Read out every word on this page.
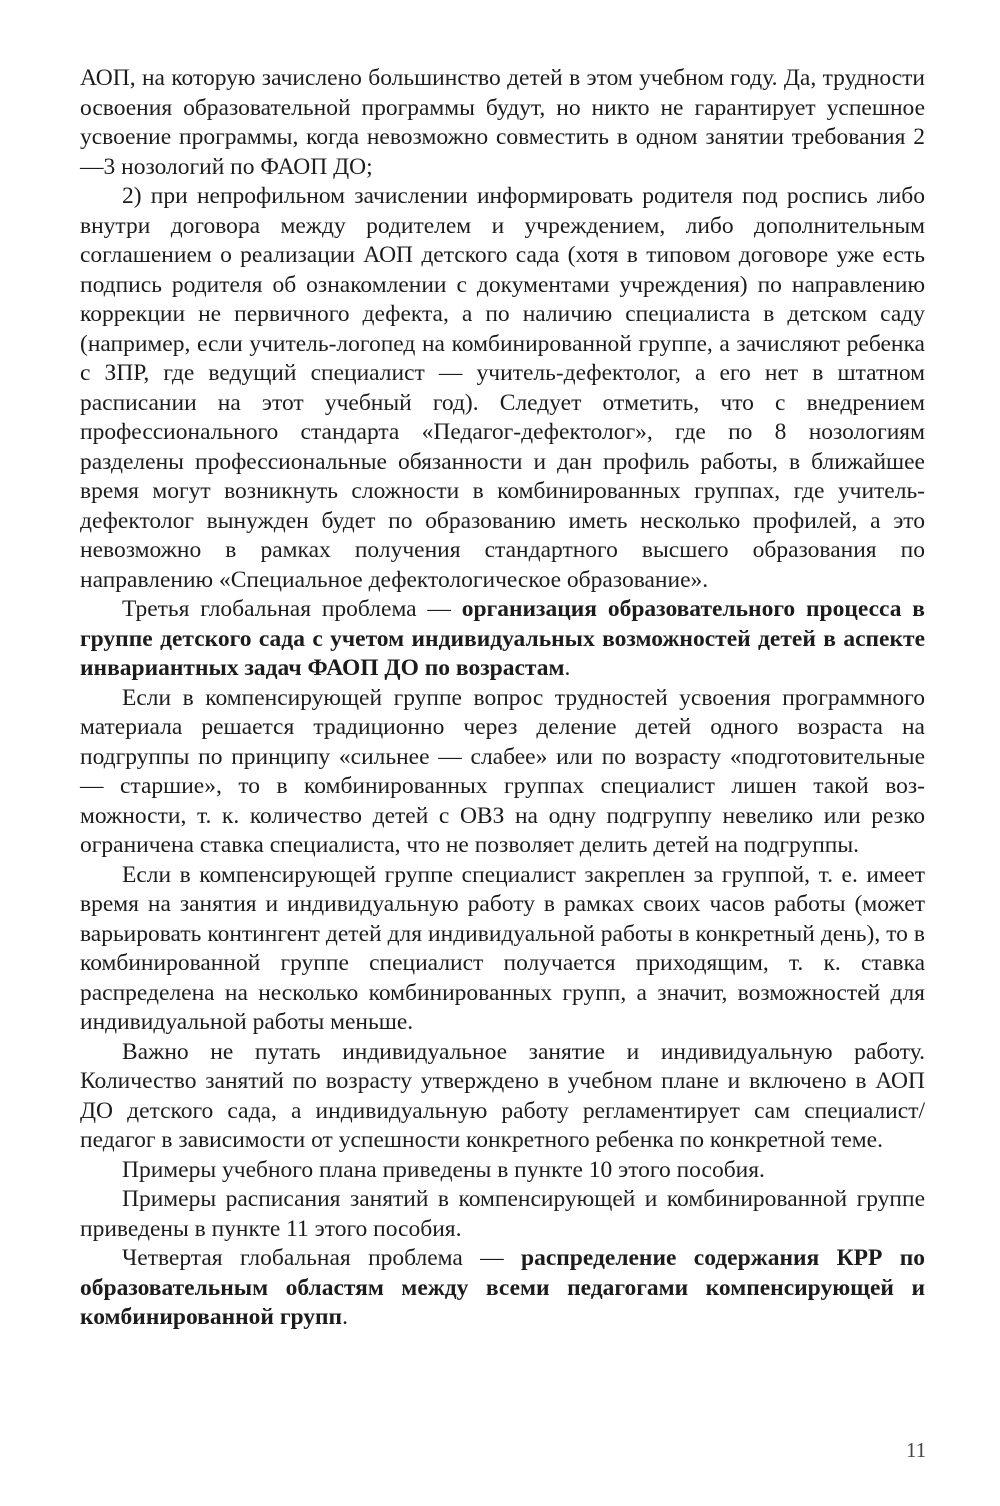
АОП, на которую зачислено большинство детей в этом учебном году. Да, трудности освоения образовательной программы будут, но никто не гарантирует успешное усвоение программы, когда невозможно совместить в одном занятии требования 2—3 нозологий по ФАОП ДО;

2) при непрофильном зачислении информировать родителя под роспись либо внутри договора между родителем и учреждением, либо дополнительным соглашением о реализации АОП детского сада (хотя в типовом договоре уже есть подпись родителя об ознакомлении с документами учреждения) по направлению коррекции не первичного дефекта, а по наличию специалиста в детском саду (например, если учитель-логопед на комбинированной группе, а зачисляют ребенка с ЗПР, где ведущий специалист — учитель-дефектолог, а его нет в штатном расписании на этот учебный год). Следует отметить, что с внедрением профессионального стандарта «Педагог-дефектолог», где по 8 нозологиям разделены профессиональные обязанности и дан профиль работы, в ближайшее время могут возникнуть сложности в комбинированных группах, где учитель-дефектолог вынужден будет по образованию иметь несколько профилей, а это невозможно в рамках получения стандартного высшего образования по направлению «Специальное дефектологическое образование».

Третья глобальная проблема — организация образовательного процесса в группе детского сада с учетом индивидуальных возможностей детей в аспекте инвариантных задач ФАОП ДО по возрастам.

Если в компенсирующей группе вопрос трудностей усвоения программного материала решается традиционно через деление детей одного возраста на подгруппы по принципу «сильнее — слабее» или по возрасту «подготовительные — старшие», то в комбинированных группах специалист лишен такой возможности, т. к. количество детей с ОВЗ на одну подгруппу невелико или резко ограничена ставка специалиста, что не позволяет делить детей на подгруппы.

Если в компенсирующей группе специалист закреплен за группой, т. е. имеет время на занятия и индивидуальную работу в рамках своих часов работы (может варьировать контингент детей для индивидуальной работы в конкретный день), то в комбинированной группе специалист получается приходящим, т. к. ставка распределена на несколько комбинированных групп, а значит, возможностей для индивидуальной работы меньше.

Важно не путать индивидуальное занятие и индивидуальную работу. Количество занятий по возрасту утверждено в учебном плане и включено в АОП ДО детского сада, а индивидуальную работу регламентирует сам специалист/педагог в зависимости от успешности конкретного ребенка по конкретной теме.

Примеры учебного плана приведены в пункте 10 этого пособия.

Примеры расписания занятий в компенсирующей и комбинированной группе приведены в пункте 11 этого пособия.

Четвертая глобальная проблема — распределение содержания КРР по образовательным областям между всеми педагогами компенсирующей и комбинированной групп.

11
